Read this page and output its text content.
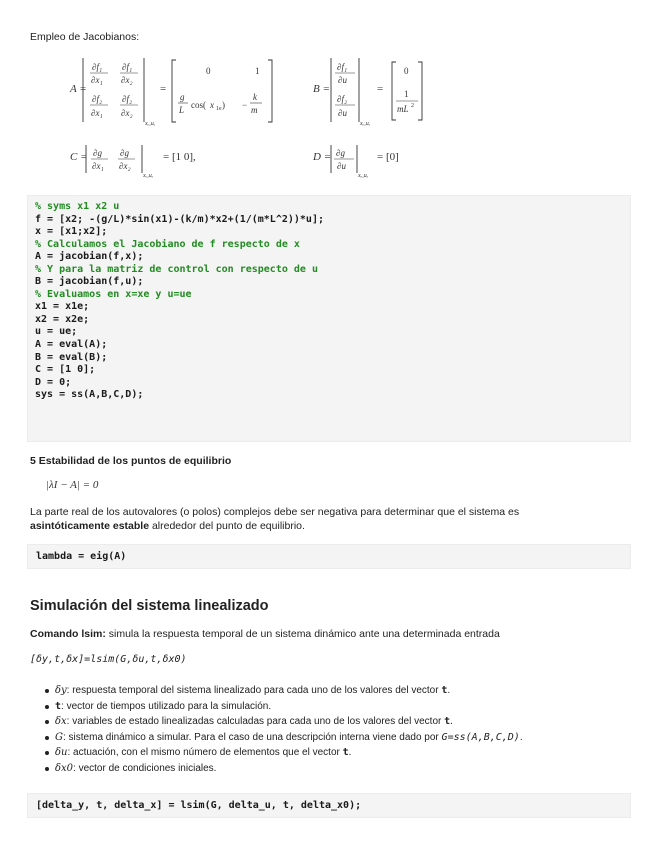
Empleo de Jacobianos:
A =
∂f₁
∂x₁
∂f₁
∂x₂
∂f₂
∂x₁
∂f₂
∂x₂
xₑ,uₑ
=
0	1
g
L cos( x 1e ) −
k
m
B =
∂f₁
∂u
∂f₂
∂u
xₑ,uₑ
=
0
1
mL 2
C = ∂g
∂x₁
∂g
∂x₂
xₑ,uₑ
= [1 0],	D = ∂g
∂u
xₑ,uₑ
= [0]
% syms x1 x2 u
f = [x2; -(g/L)*sin(x1)-(k/m)*x2+(1/(m*L^2))*u];
x = [x1;x2];
% Calculamos el Jacobiano de f respecto de x
A = jacobian(f,x);
% Y para la matriz de control con respecto de u
B = jacobian(f,u);
% Evaluamos en x=xe y u=ue
x1 = x1e;
x2 = x2e;
u = ue;
A = eval(A);
B = eval(B);
C = [1 0];
D = 0;
sys = ss(A,B,C,D);
5 Estabilidad de los puntos de equilibrio
|λI − A| = 0
La parte real de los autovalores (o polos) complejos debe ser negativa para determinar que el sistema es
asintóticamente estable alrededor del punto de equilibrio.
lambda = eig(A)
Simulación del sistema linealizado
Comando lsim: simula la respuesta temporal de un sistema dinámico ante una determinada entrada
[δy,t,δx]=lsim(G,δu,t,δx0)
δy: respuesta temporal del sistema linealizado para cada uno de los valores del vector t.
t: vector de tiempos utilizado para la simulación.
δx: variables de estado linealizadas calculadas para cada uno de los valores del vector t.
G: sistema dinámico a simular. Para el caso de una descripción interna viene dado por G=ss(A,B,C,D).
δu: actuación, con el mismo número de elementos que el vector t.
δx0: vector de condiciones iniciales.
[delta_y, t, delta_x] = lsim(G, delta_u, t, delta_x0);
